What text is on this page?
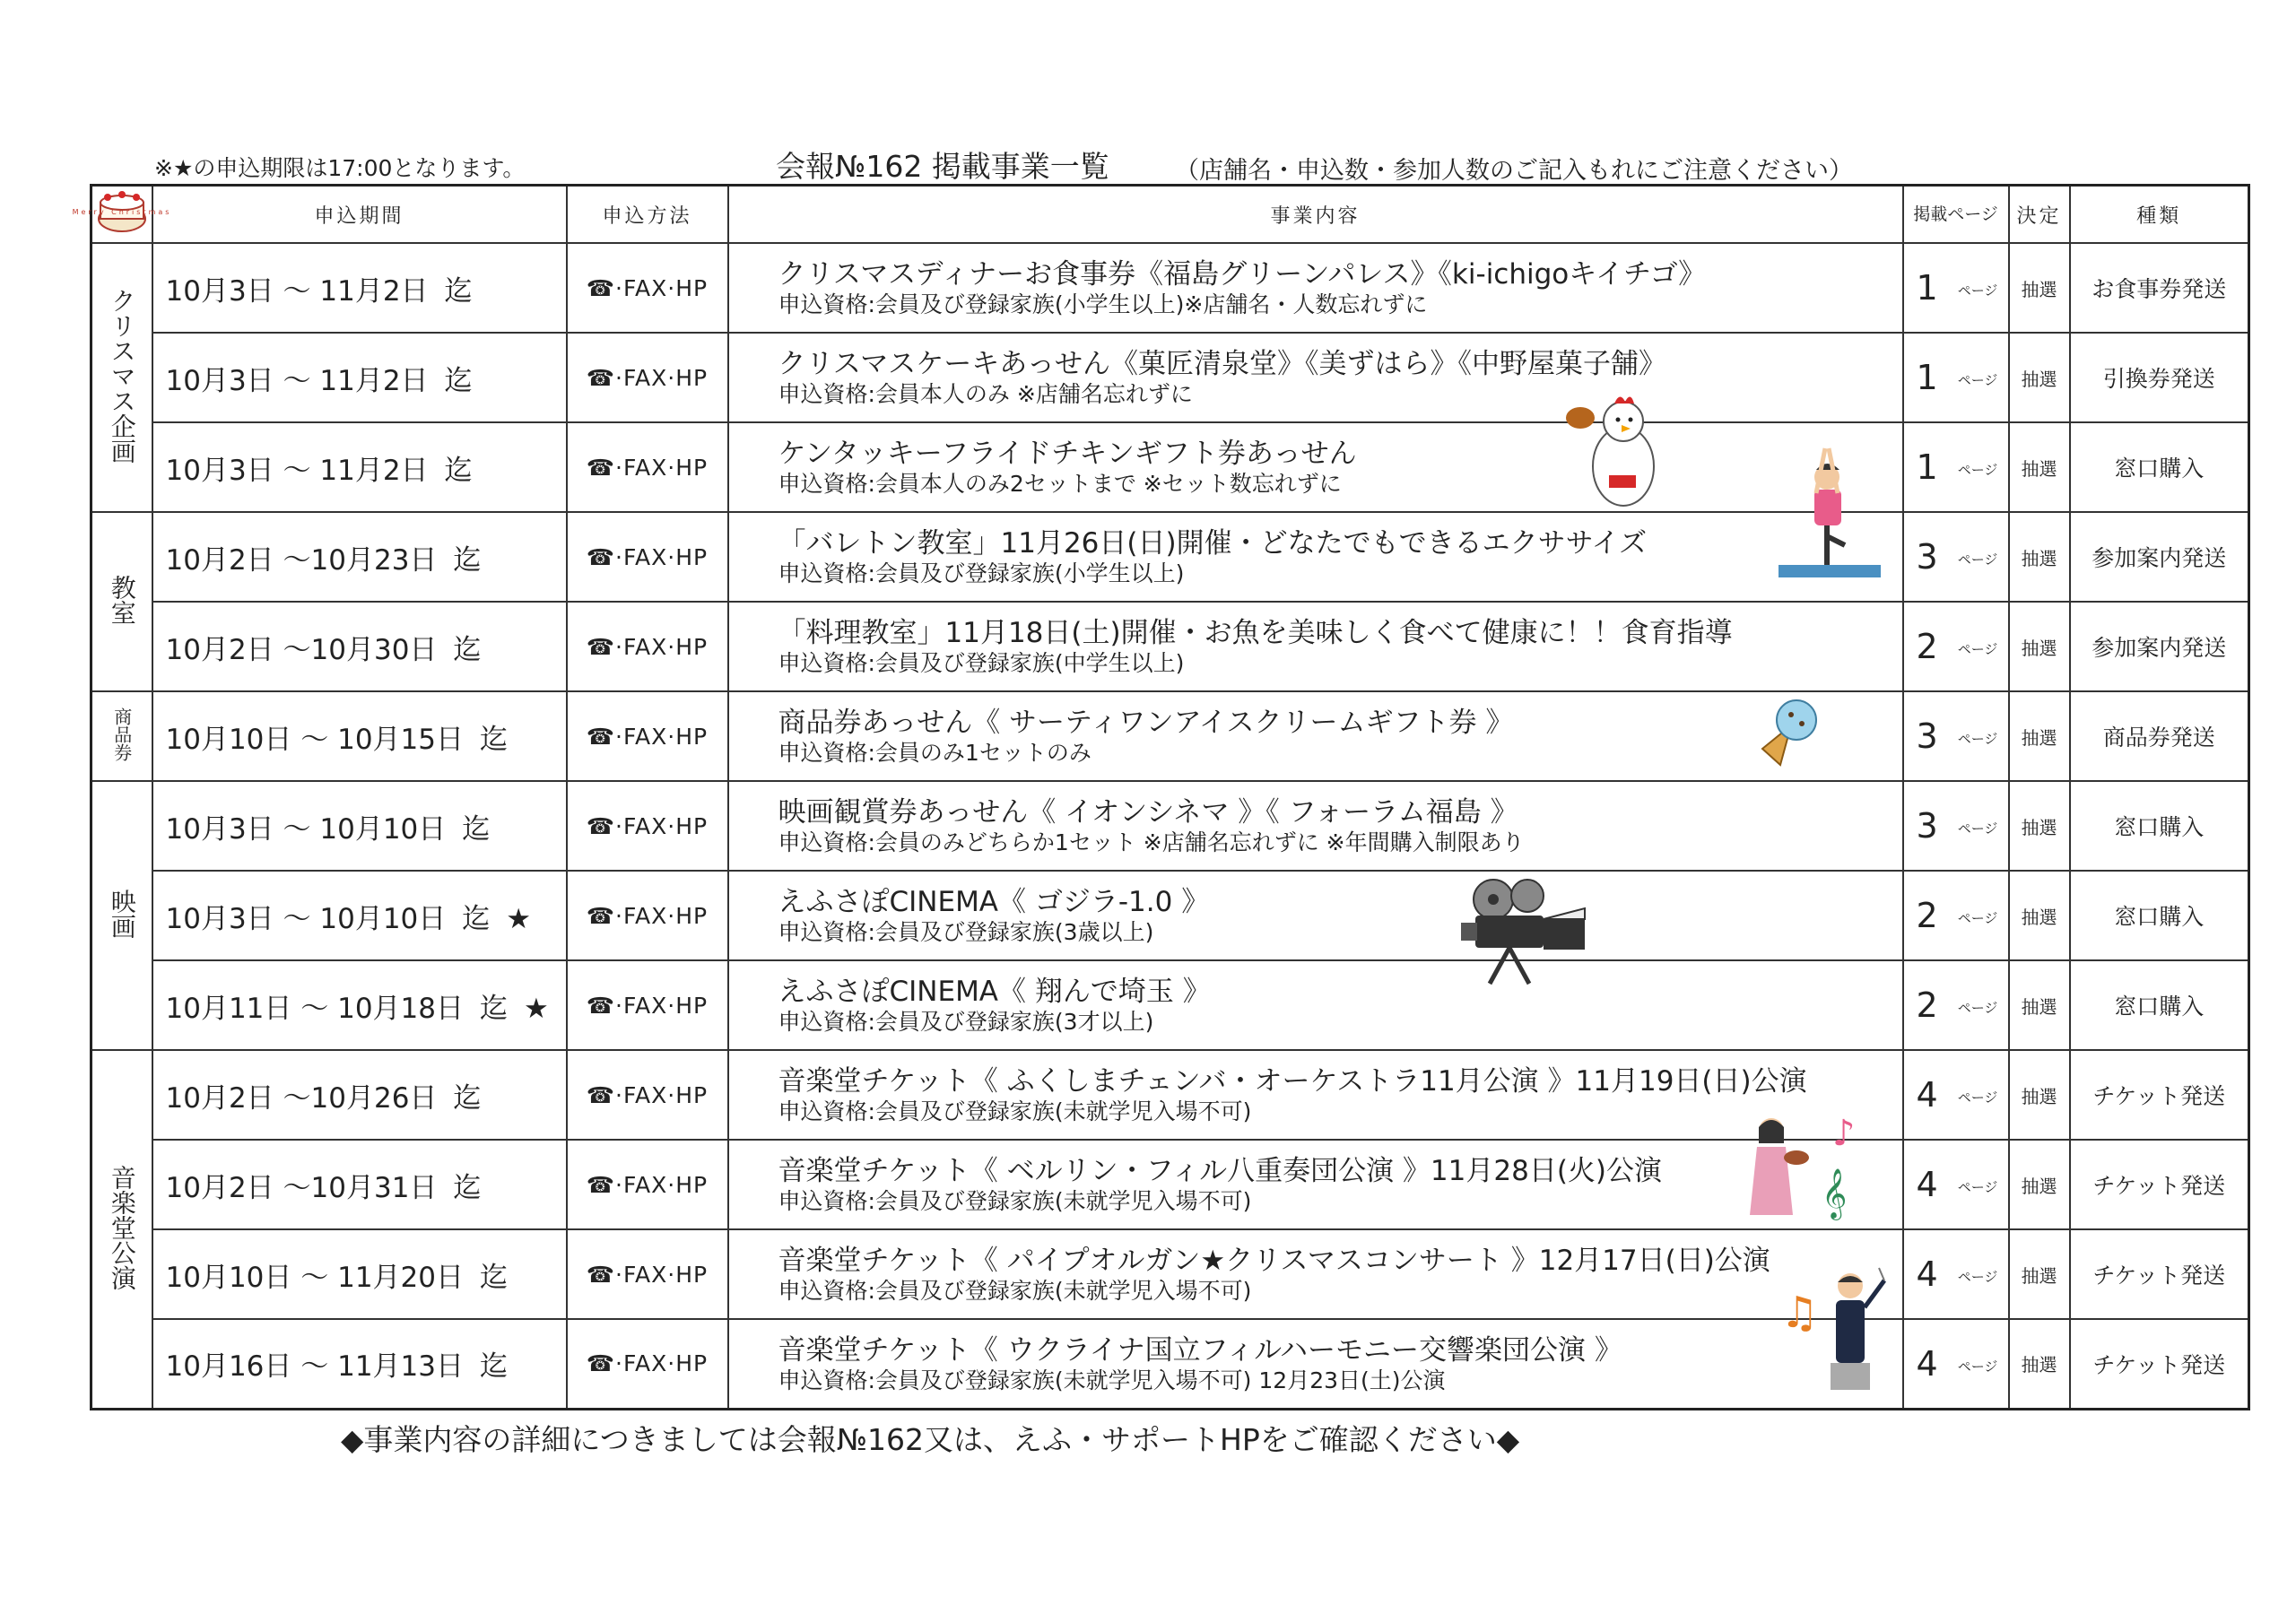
※★の申込期限は17:00となります。	会報№162 掲載事業一覧	（店舗名・申込数・参加人数のご記入もれにご注意ください）
Merry Christmas	申込期間	申込方法	事業内容	掲載ページ	決定	種類
クリスマス企画	10月3日 ～ 11月2日 迄	☎·FAX·HP	クリスマスディナーお食事券《福島グリーンパレス》《ki-ichigoキイチゴ》
申込資格:会員及び登録家族(小学生以上)※店舗名・人数忘れずに	1 ページ	抽選	お食事券発送
	10月3日 ～ 11月2日 迄	☎·FAX·HP	クリスマスケーキあっせん《菓匠清泉堂》《美ずはら》《中野屋菓子舗》
申込資格:会員本人のみ ※店舗名忘れずに	1 ページ	抽選	引換券発送
	10月3日 ～ 11月2日 迄	☎·FAX·HP	ケンタッキーフライドチキンギフト券あっせん
申込資格:会員本人のみ2セットまで ※セット数忘れずに	1 ページ	抽選	窓口購入
教室	10月2日 ～10月23日 迄	☎·FAX·HP	「バレトン教室」11月26日(日)開催・どなたでもできるエクササイズ
申込資格:会員及び登録家族(小学生以上)	3 ページ	抽選	参加案内発送
	10月2日 ～10月30日 迄	☎·FAX·HP	「料理教室」11月18日(土)開催・お魚を美味しく食べて健康に！！食育指導
申込資格:会員及び登録家族(中学生以上)	2 ページ	抽選	参加案内発送
商品券	10月10日 ～ 10月15日 迄	☎·FAX·HP	商品券あっせん《 サーティワンアイスクリームギフト券 》
申込資格:会員のみ1セットのみ	3 ページ	抽選	商品券発送
映画	10月3日 ～ 10月10日 迄	☎·FAX·HP	映画観賞券あっせん《 イオンシネマ 》《 フォーラム福島 》
申込資格:会員のみどちらか1セット ※店舗名忘れずに ※年間購入制限あり	3 ページ	抽選	窓口購入
	10月3日 ～ 10月10日 迄 ★	☎·FAX·HP	えふさぽCINEMA《 ゴジラ-1.0 》
申込資格:会員及び登録家族(3歳以上)	2 ページ	抽選	窓口購入
	10月11日 ～ 10月18日 迄 ★	☎·FAX·HP	えふさぽCINEMA《 翔んで埼玉 》
申込資格:会員及び登録家族(3才以上)	2 ページ	抽選	窓口購入
音楽堂公演	10月2日 ～10月26日 迄	☎·FAX·HP	音楽堂チケット《 ふくしまチェンバ・オーケストラ11月公演 》11月19日(日)公演
申込資格:会員及び登録家族(未就学児入場不可)	4 ページ	抽選	チケット発送
	10月2日 ～10月31日 迄	☎·FAX·HP	音楽堂チケット《 ベルリン・フィル八重奏団公演 》11月28日(火)公演
申込資格:会員及び登録家族(未就学児入場不可)	4 ページ	抽選	チケット発送
	10月10日 ～ 11月20日 迄	☎·FAX·HP	音楽堂チケット《 パイプオルガン★クリスマスコンサート 》12月17日(日)公演
申込資格:会員及び登録家族(未就学児入場不可)	4 ページ	抽選	チケット発送
	10月16日 ～ 11月13日 迄	☎·FAX·HP	音楽堂チケット《 ウクライナ国立フィルハーモニー交響楽団公演 》
申込資格:会員及び登録家族(未就学児入場不可) 12月23日(土)公演	4 ページ	抽選	チケット発送
◆事業内容の詳細につきましては会報№162又は、えふ・サポートHPをご確認ください◆
♪
𝄞
♫
